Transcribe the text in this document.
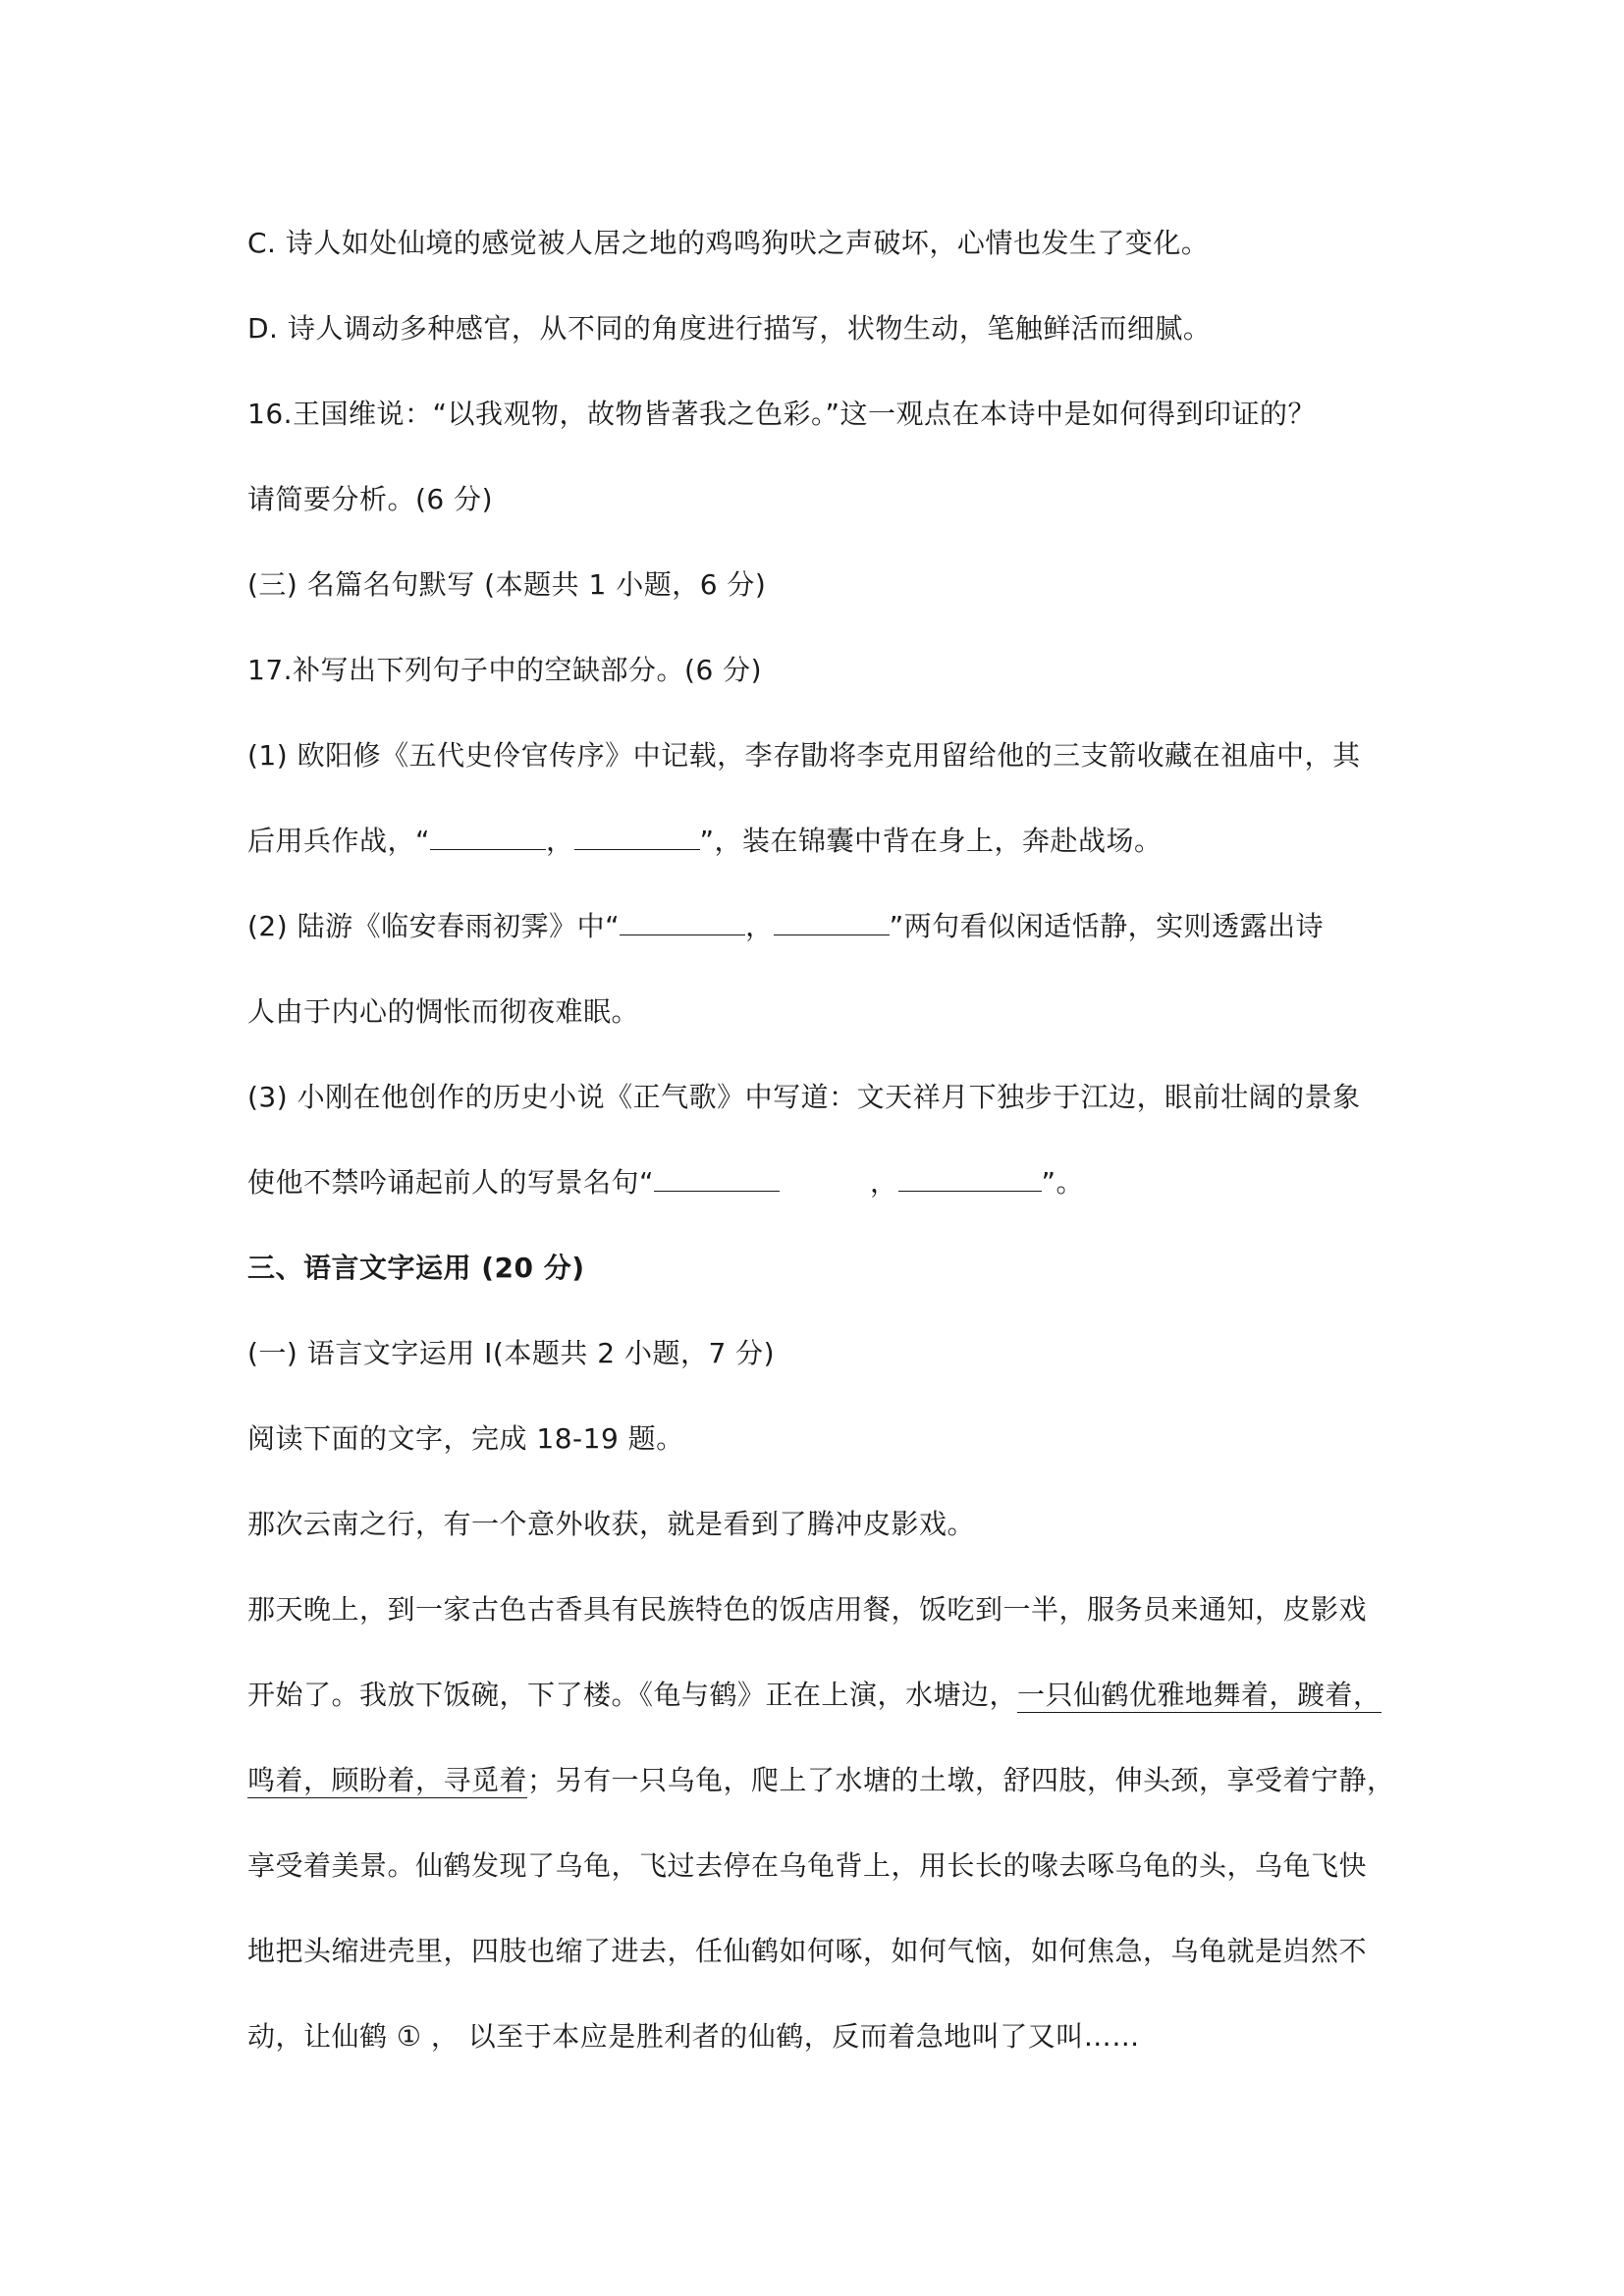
C. 诗人如处仙境的感觉被人居之地的鸡鸣狗吠之声破坏，心情也发生了变化。
D. 诗人调动多种感官，从不同的角度进行描写，状物生动，笔触鲜活而细腻。
16.王国维说：“以我观物，故物皆著我之色彩。”这一观点在本诗中是如何得到印证的？
请简要分析。(6 分)
(三) 名篇名句默写 (本题共 1 小题，6 分)
17.补写出下列句子中的空缺部分。(6 分)
(1) 欧阳修《五代史伶官传序》中记载，李存勖将李克用留给他的三支箭收藏在祖庙中，其
后用兵作战，“	，	”，装在锦囊中背在身上，奔赴战场。
(2) 陆游《临安春雨初霁》中“	，	”两句看似闲适恬静，实则透露出诗
人由于内心的惆怅而彻夜难眠。
(3) 小刚在他创作的历史小说《正气歌》中写道：文天祥月下独步于江边，眼前壮阔的景象
使他不禁吟诵起前人的写景名句“	，	”。
三、语言文字运用 (20 分)
(一) 语言文字运用 Ⅰ(本题共 2 小题，7 分)
阅读下面的文字，完成 18-19 题。
那次云南之行，有一个意外收获，就是看到了腾冲皮影戏。
那天晚上，到一家古色古香具有民族特色的饭店用餐，饭吃到一半，服务员来通知，皮影戏
开始了。我放下饭碗，下了楼。《龟与鹤》正在上演，水塘边，一只仙鹤优雅地舞着，踱着，
鸣着，顾盼着，寻觅着；另有一只乌龟，爬上了水塘的土墩，舒四肢，伸头颈，享受着宁静，
享受着美景。仙鹤发现了乌龟，飞过去停在乌龟背上，用长长的喙去啄乌龟的头，乌龟飞快
地把头缩进壳里，四肢也缩了进去，任仙鹤如何啄，如何气恼，如何焦急，乌龟就是岿然不
动，让仙鹤 ① ， 以至于本应是胜利者的仙鹤，反而着急地叫了又叫……
